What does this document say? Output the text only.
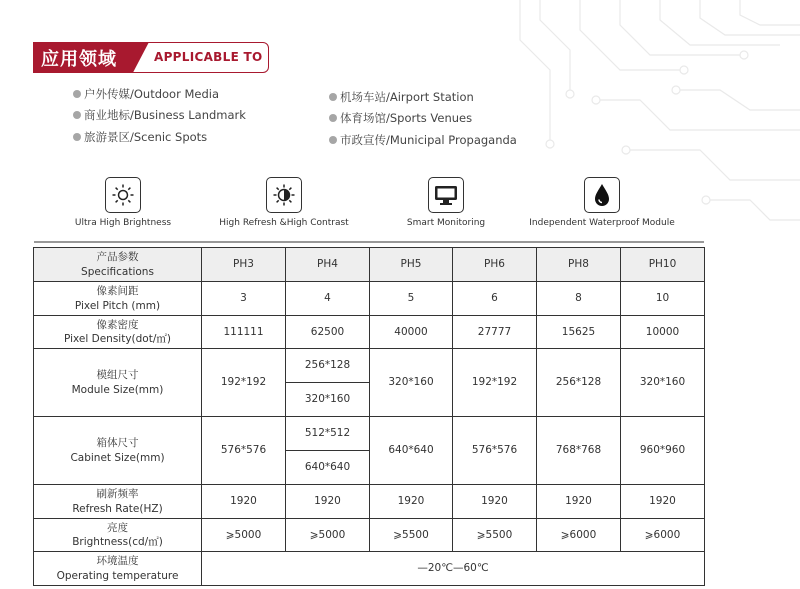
应用领域	APPLICABLE TO
户外传媒/Outdoor Media
商业地标/Business Landmark
旅游景区/Scenic Spots
机场车站/Airport Station
体育场馆/Sports Venues
市政宣传/Municipal Propaganda
Ultra High Brightness	High Refresh &High Contrast	Smart Monitoring	Independent Waterproof Module
产品参数
Specifications	PH3	PH4	PH5	PH6	PH8	PH10

像素间距
Pixel Pitch (mm)	3	4	5	6	8	10

像素密度
Pixel Density(dot/㎡)	111111	62500	40000	27777	15625	10000

模组尺寸
Module Size(mm)	192*192	256*128	320*160	192*192	256*128	320*160
		320*160				

箱体尺寸
Cabinet Size(mm)	576*576	512*512	640*640	576*576	768*768	960*960
		640*640				

刷新频率
Refresh Rate(HZ)	1920	1920	1920	1920	1920	1920

亮度
Brightness(cd/㎡)	⩾5000	⩾5000	⩾5500	⩾5500	⩾6000	⩾6000

环境温度
Operating temperature	—20℃—60℃					
